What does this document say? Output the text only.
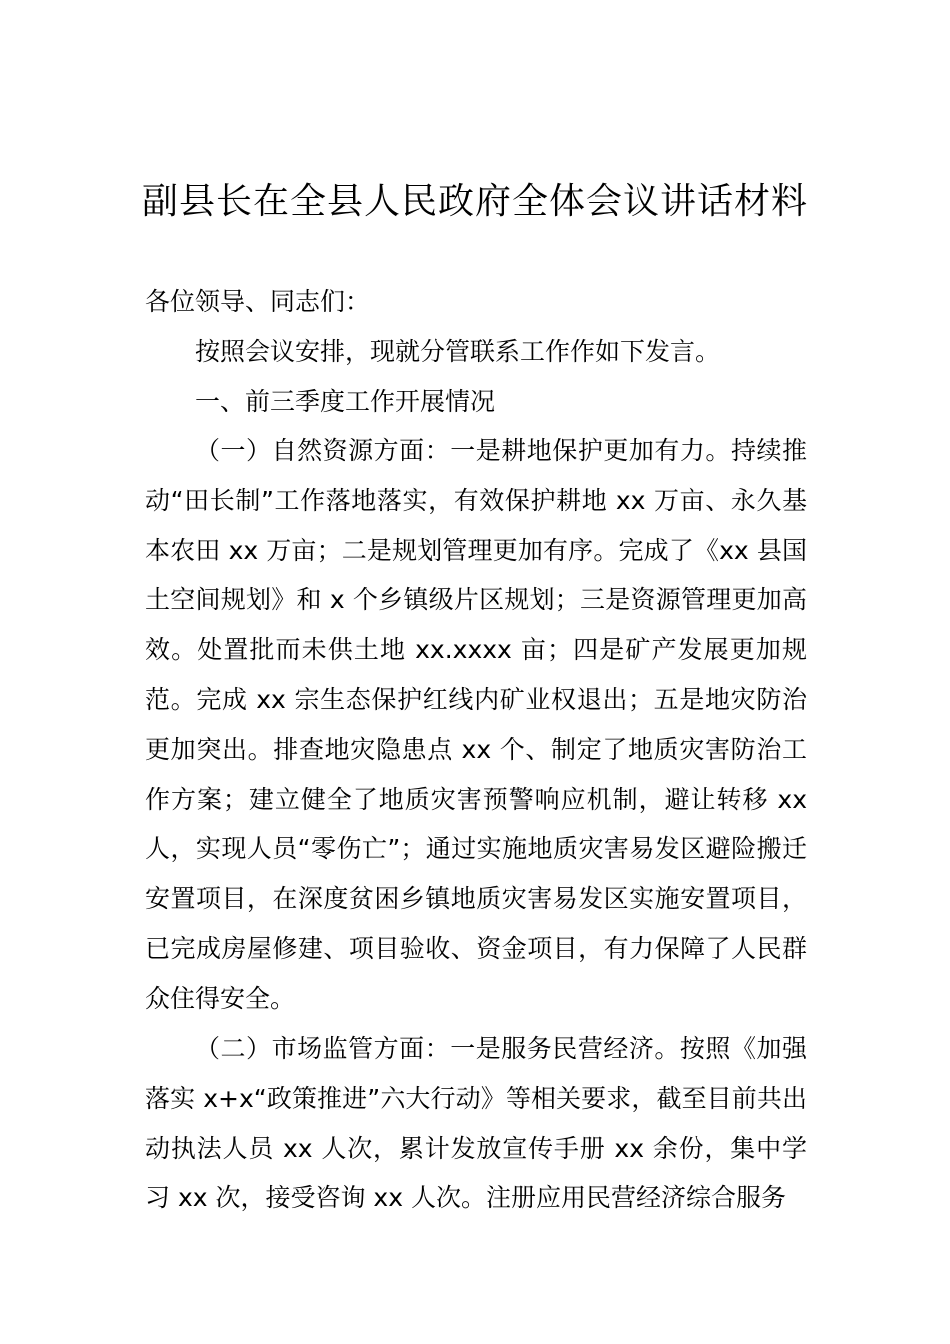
副县长在全县人民政府全体会议讲话材料

各位领导、同志们：

按照会议安排，现就分管联系工作作如下发言。

一、前三季度工作开展情况

（一）自然资源方面：一是耕地保护更加有力。持续推动“田长制”工作落地落实，有效保护耕地 xx 万亩、永久基本农田 xx 万亩；二是规划管理更加有序。完成了《xx 县国土空间规划》和 x 个乡镇级片区规划；三是资源管理更加高效。处置批而未供土地 xx.xxxx 亩；四是矿产发展更加规范。完成 xx 宗生态保护红线内矿业权退出；五是地灾防治更加突出。排查地灾隐患点 xx 个、制定了地质灾害防治工作方案；建立健全了地质灾害预警响应机制，避让转移 xx 人，实现人员“零伤亡”；通过实施地质灾害易发区避险搬迁安置项目，在深度贫困乡镇地质灾害易发区实施安置项目，已完成房屋修建、项目验收、资金项目，有力保障了人民群众住得安全。

（二）市场监管方面：一是服务民营经济。按照《加强落实 x+x“政策推进”六大行动》等相关要求，截至目前共出动执法人员 xx 人次，累计发放宣传手册 xx 余份，集中学习 xx 次，接受咨询 xx 人次。注册应用民营经济综合服务
